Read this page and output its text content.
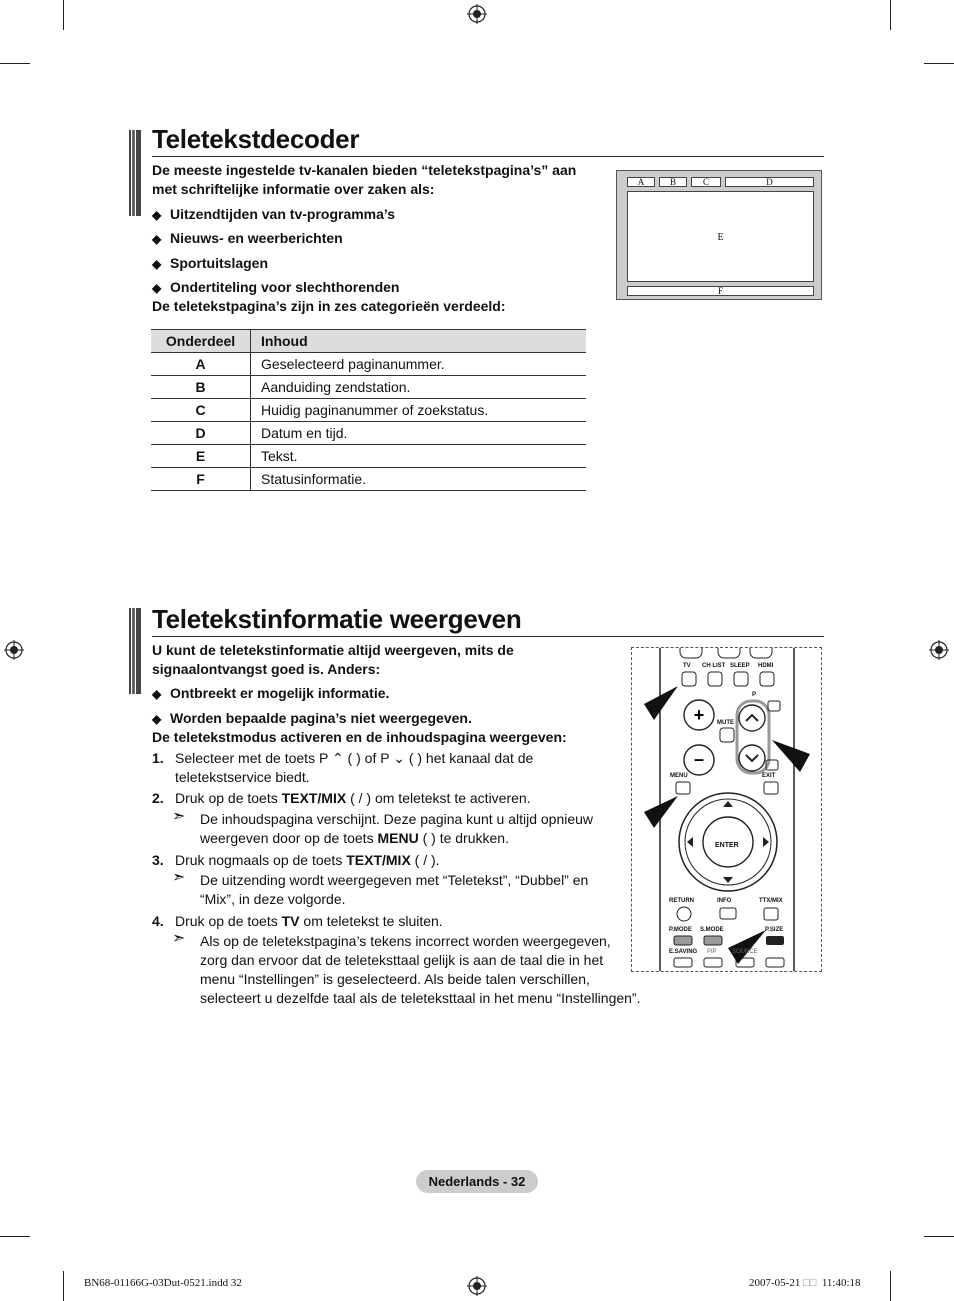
Teletekstdecoder
De meeste ingestelde tv-kanalen bieden “teletekstpagina’s” aan
met schriftelijke informatie over zaken als:
◆ Uitzendtijden van tv-programma’s
◆ Nieuws- en weerberichten
◆ Sportuitslagen
◆ Ondertiteling voor slechthorenden
De teletekstpagina’s zijn in zes categorieën verdeeld:
Onderdeel	Inhoud
A	Geselecteerd paginanummer.
B	Aanduiding zendstation.
C	Huidig paginanummer of zoekstatus.
D	Datum en tijd.
E	Tekst.
F	Statusinformatie.
A	B	C	D
E
F
Teletekstinformatie weergeven
U kunt de teletekstinformatie altijd weergeven, mits de
signaalontvangst goed is. Anders:
◆ Ontbreekt er mogelijk informatie.
◆ Worden bepaalde pagina’s niet weergegeven.
De teletekstmodus activeren en de inhoudspagina weergeven:
1. Selecteer met de toets P ⌃ ( ) of P ⌄ ( ) het kanaal dat de
teletekstservice biedt.
2. Druk op de toets TEXT/MIX ( / ) om teletekst te activeren.
➣ De inhoudspagina verschijnt. Deze pagina kunt u altijd opnieuw
weergeven door op de toets MENU ( ) te drukken.
3. Druk nogmaals op de toets TEXT/MIX ( / ).
➣ De uitzending wordt weergegeven met “Teletekst”, “Dubbel” en
“Mix”, in deze volgorde.
4. Druk op de toets TV om teletekst te sluiten.
➣ Als op de teletekstpagina’s tekens incorrect worden weergegeven,
zorg dan ervoor dat de teleteksttaal gelijk is aan de taal die in het
menu “Instellingen” is geselecteerd. Als beide talen verschillen,
selecteert u dezelfde taal als de teleteksttaal in het menu “Instellingen”.
+
–
TV CH LIST SLEEP HDMI
P
MUTE
MENU	EXIT
ENTER
RETURN	INFO	TTX/MIX
P.MODE S.MODE	P.SIZE
E.SAVING PIP	SOURCE
Nederlands - 32
BN68-01166G-03Dut-0521.indd 32	2007-05-21 □□ 11:40:18
